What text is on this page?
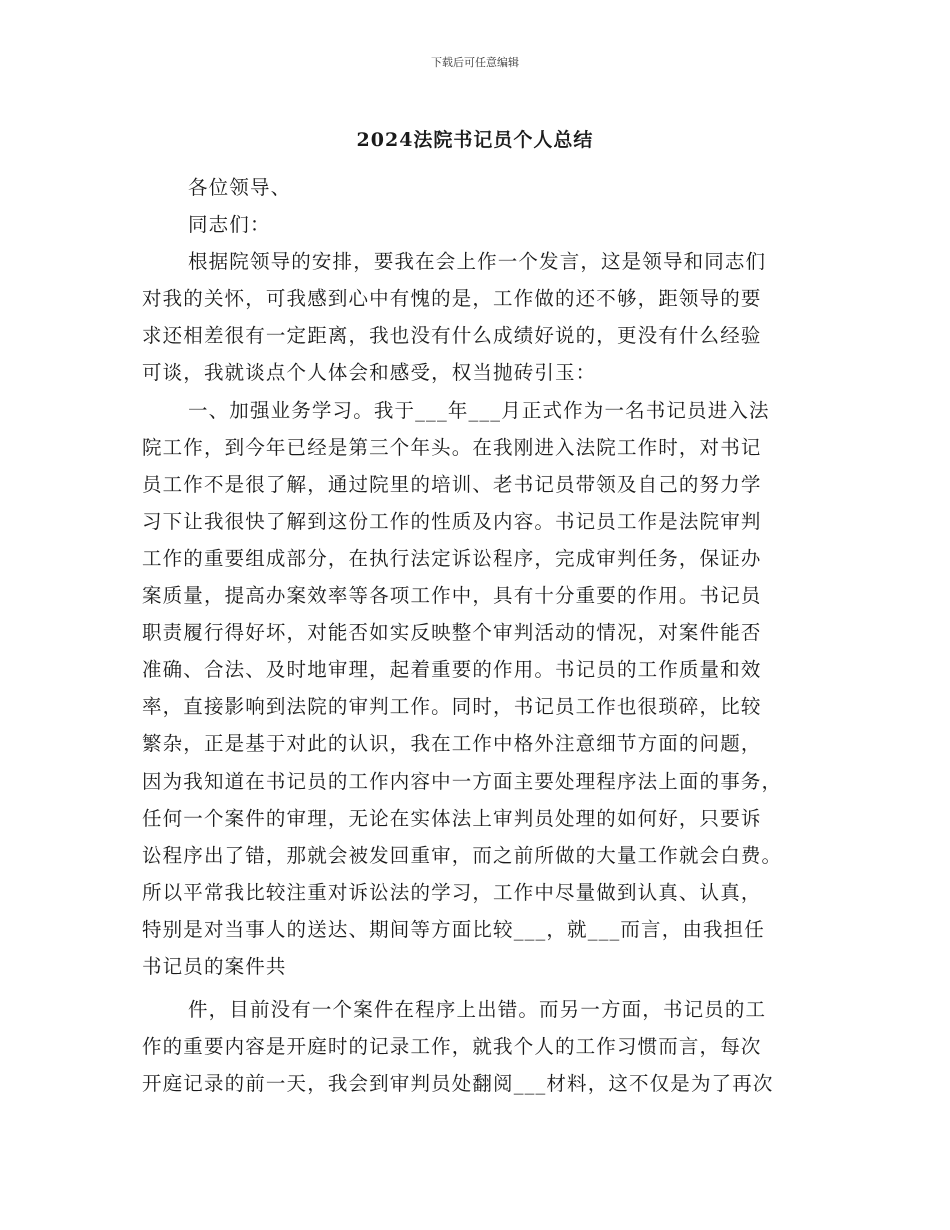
下载后可任意编辑
2024法院书记员个人总结
各位领导、
同志们：
根据院领导的安排，要我在会上作一个发言，这是领导和同志们
对我的关怀，可我感到心中有愧的是，工作做的还不够，距领导的要
求还相差很有一定距离，我也没有什么成绩好说的，更没有什么经验
可谈，我就谈点个人体会和感受，权当抛砖引玉：
一、加强业务学习。我于___年___月正式作为一名书记员进入法
院工作，到今年已经是第三个年头。在我刚进入法院工作时，对书记
员工作不是很了解，通过院里的培训、老书记员带领及自己的努力学
习下让我很快了解到这份工作的性质及内容。书记员工作是法院审判
工作的重要组成部分，在执行法定诉讼程序，完成审判任务，保证办
案质量，提高办案效率等各项工作中，具有十分重要的作用。书记员
职责履行得好坏，对能否如实反映整个审判活动的情况，对案件能否
准确、合法、及时地审理，起着重要的作用。书记员的工作质量和效
率，直接影响到法院的审判工作。同时，书记员工作也很琐碎，比较
繁杂，正是基于对此的认识，我在工作中格外注意细节方面的问题，
因为我知道在书记员的工作内容中一方面主要处理程序法上面的事务，
任何一个案件的审理，无论在实体法上审判员处理的如何好，只要诉
讼程序出了错，那就会被发回重审，而之前所做的大量工作就会白费。
所以平常我比较注重对诉讼法的学习，工作中尽量做到认真、认真，
特别是对当事人的送达、期间等方面比较___，就___而言，由我担任
书记员的案件共
件，目前没有一个案件在程序上出错。而另一方面，书记员的工
作的重要内容是开庭时的记录工作，就我个人的工作习惯而言，每次
开庭记录的前一天，我会到审判员处翻阅___材料，这不仅是为了再次
